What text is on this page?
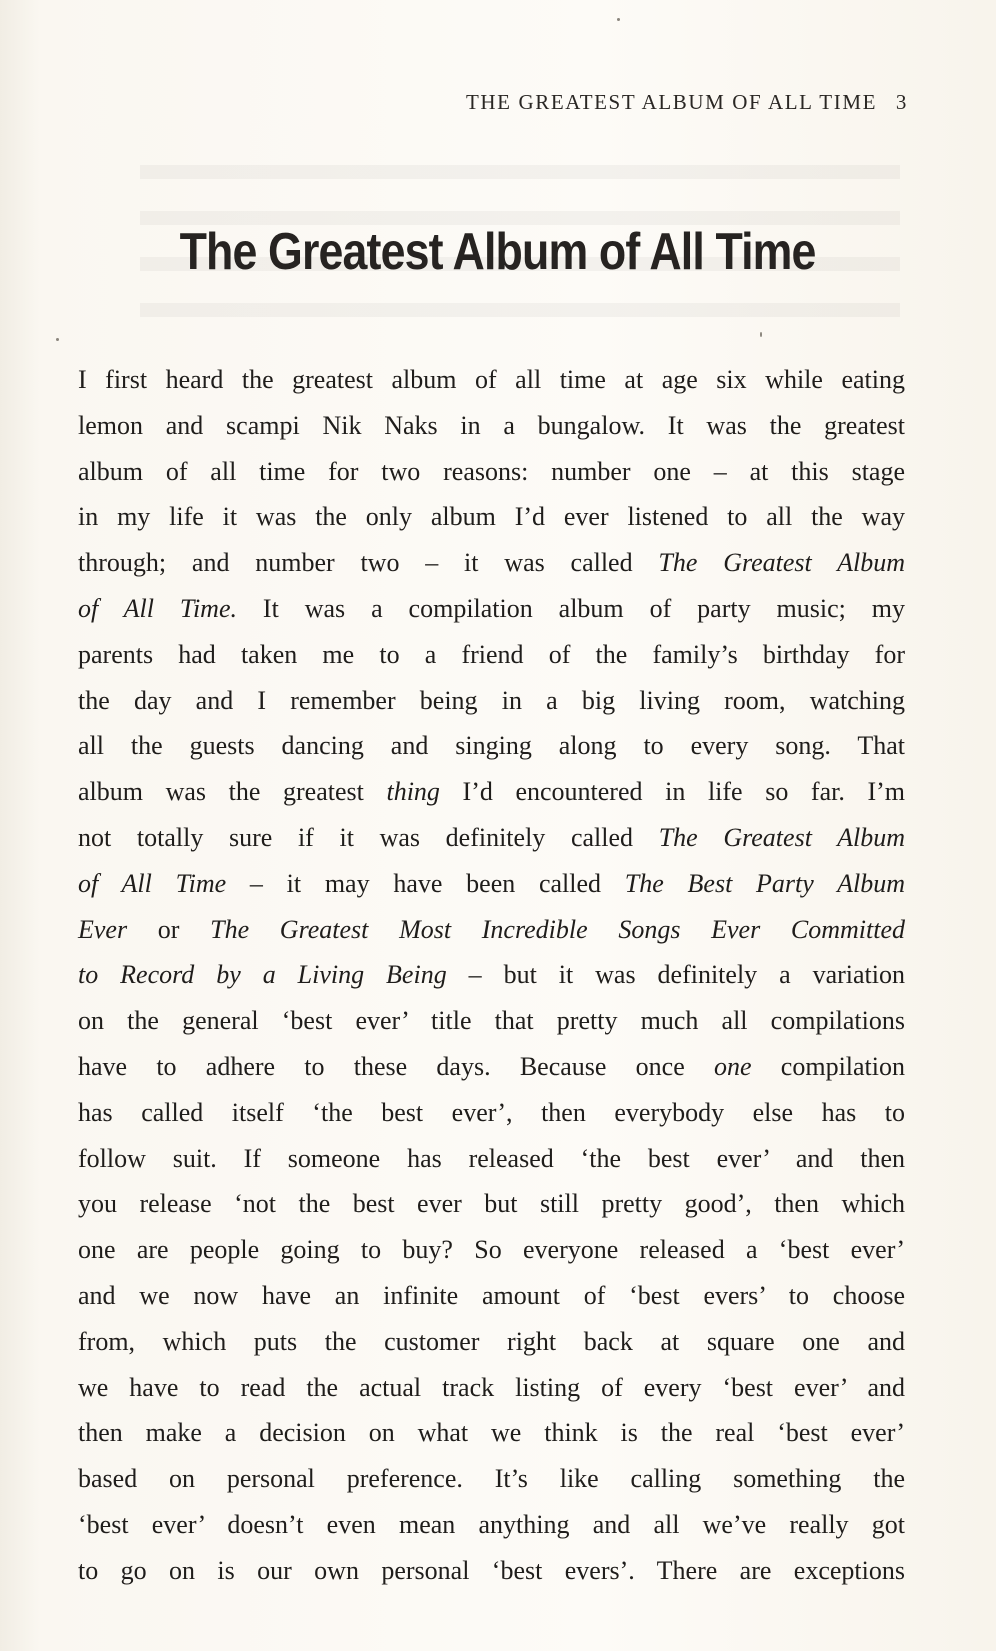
THE GREATEST ALBUM OF ALL TIME 3
The Greatest Album of All Time
I first heard the greatest album of all time at age six while eating
lemon and scampi Nik Naks in a bungalow. It was the greatest
album of all time for two reasons: number one – at this stage
in my life it was the only album I’d ever listened to all the way
through; and number two – it was called The Greatest Album
of All Time. It was a compilation album of party music; my
parents had taken me to a friend of the family’s birthday for
the day and I remember being in a big living room, watching
all the guests dancing and singing along to every song. That
album was the greatest thing I’d encountered in life so far. I’m
not totally sure if it was definitely called The Greatest Album
of All Time – it may have been called The Best Party Album
Ever or The Greatest Most Incredible Songs Ever Committed
to Record by a Living Being – but it was definitely a variation
on the general ‘best ever’ title that pretty much all compilations
have to adhere to these days. Because once one compilation
has called itself ‘the best ever’, then everybody else has to
follow suit. If someone has released ‘the best ever’ and then
you release ‘not the best ever but still pretty good’, then which
one are people going to buy? So everyone released a ‘best ever’
and we now have an infinite amount of ‘best evers’ to choose
from, which puts the customer right back at square one and
we have to read the actual track listing of every ‘best ever’ and
then make a decision on what we think is the real ‘best ever’
based on personal preference. It’s like calling something the
‘best ever’ doesn’t even mean anything and all we’ve really got
to go on is our own personal ‘best evers’. There are exceptions
